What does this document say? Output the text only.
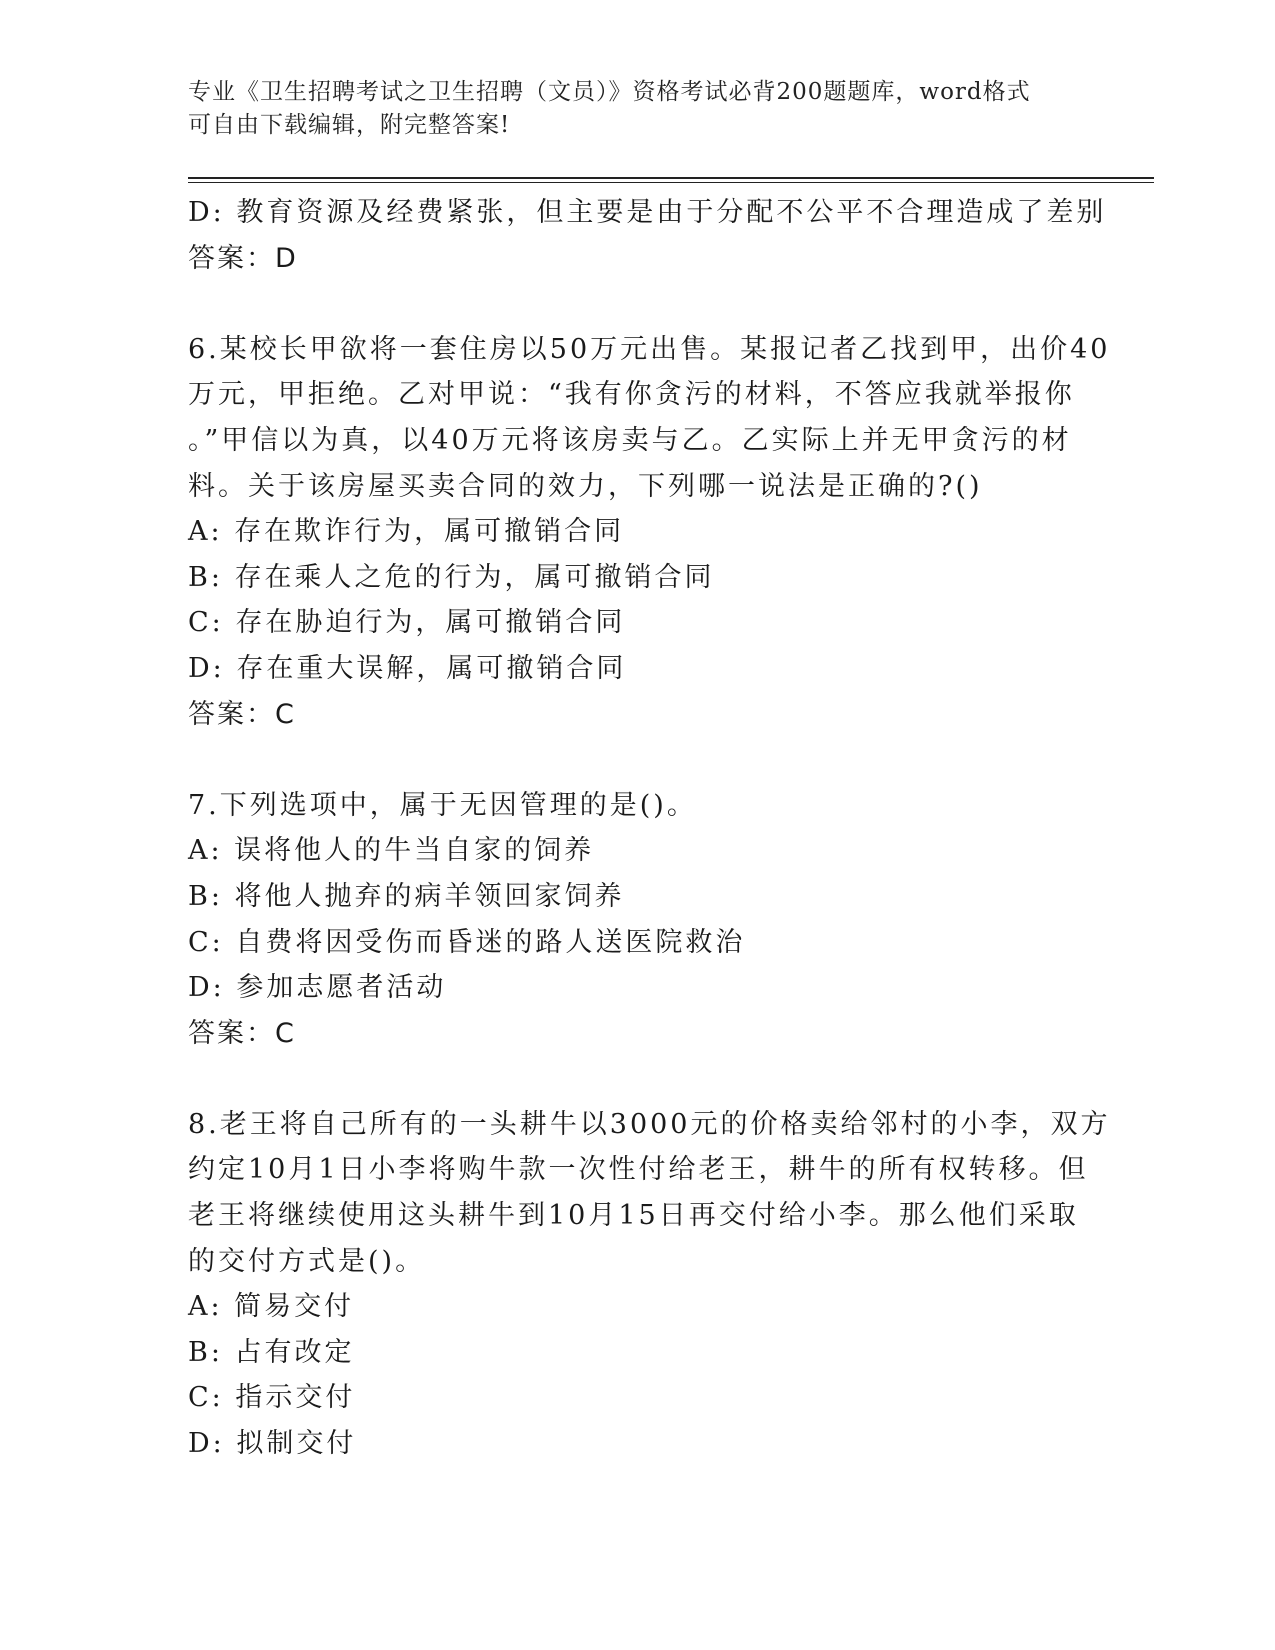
专业《卫生招聘考试之卫生招聘（文员）》资格考试必背200题题库，word格式
可自由下载编辑，附完整答案!
D: 教育资源及经费紧张，但主要是由于分配不公平不合理造成了差别
答案：D
6.某校长甲欲将一套住房以50万元出售。某报记者乙找到甲，出价40
万元，甲拒绝。乙对甲说：“我有你贪污的材料，不答应我就举报你
。”甲信以为真，以40万元将该房卖与乙。乙实际上并无甲贪污的材
料。关于该房屋买卖合同的效力，下列哪一说法是正确的?()
A: 存在欺诈行为，属可撤销合同
B: 存在乘人之危的行为，属可撤销合同
C: 存在胁迫行为，属可撤销合同
D: 存在重大误解，属可撤销合同
答案：C
7.下列选项中，属于无因管理的是()。
A: 误将他人的牛当自家的饲养
B: 将他人抛弃的病羊领回家饲养
C: 自费将因受伤而昏迷的路人送医院救治
D: 参加志愿者活动
答案：C
8.老王将自己所有的一头耕牛以3000元的价格卖给邻村的小李，双方
约定10月1日小李将购牛款一次性付给老王，耕牛的所有权转移。但
老王将继续使用这头耕牛到10月15日再交付给小李。那么他们采取
的交付方式是()。
A: 简易交付
B: 占有改定
C: 指示交付
D: 拟制交付
